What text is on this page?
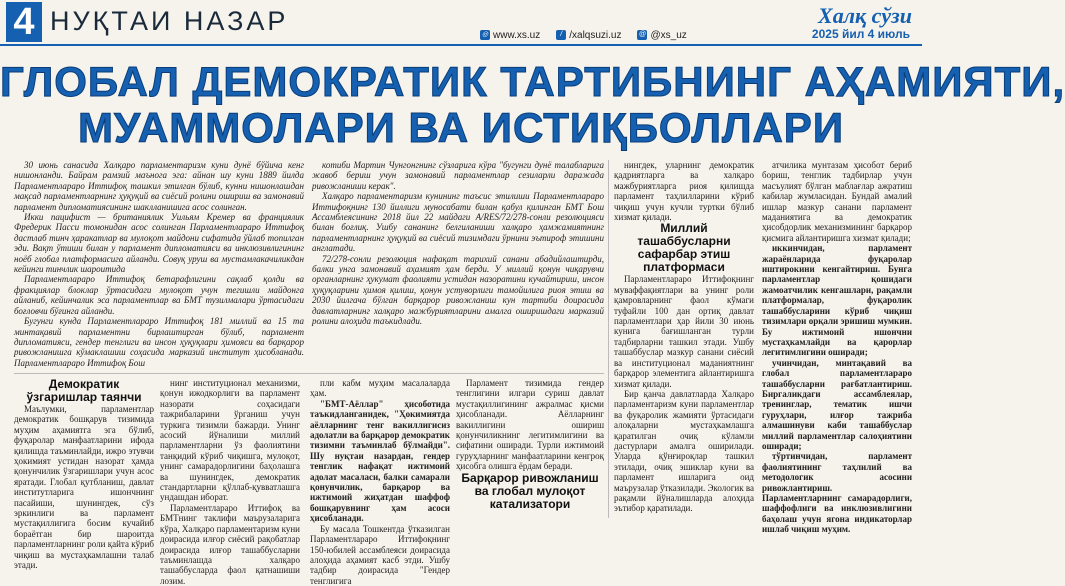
4 НУҚТАИ НАЗАР	◎ www.xs.uz	/ /xalqsuzi.uz @ @xs_uz
Халқ сўзи
2025 йил 4 июль
ГЛОБАЛ ДЕМОКРАТИК ТАРТИБНИНГ АҲАМИЯТИ,
МУАММОЛАРИ ВА ИСТИҚБОЛЛАРИ

30 июнь санасида Халқаро парламентаризм куни дунё бўйича кенг нишонланди. Байрам рамзий маънога эга: айнан шу куни 1889 йилда Парламентлараро Иттифоқ ташкил этилган бўлиб, кунни нишонлашдан мақсад парламентларнинг ҳуқуқий ва сиёсий ролини ошириш ва замонавий парламент дипломатиясининг шаклланишига асос солинган.

Икки пацифист — британиялик Уильям Кремер ва франциялик Фредерик Пасси томонидан асос солинган Парламентлараро Иттифоқ дастлаб тинч ҳаракатлар ва мулоқот майдони сифатида ўйлаб топилган эди. Вақт ўтиши билан у парламент дипломатияси ва инклюзивлигининг ноёб глобал платформасига айланди. Совуқ уруш ва мустамлакачиликдан кейинги тинчлик шароитида

Парламентлараро Иттифоқ бетарафлигини сақлаб қолди ва фракциялар блоклар ўртасидаги мулоқот учун тегишли майдонга айланиб, кейинчалик эса парламентлар ва БМТ тузилмалари ўртасидаги боғловчи бўғинга айланди.

Бугунги кунда Парламентлараро Иттифоқ 181 миллий ва 15 та минтақавий парламентни бирлаштирган бўлиб, парламент дипломатияси, гендер тенглиги ва инсон ҳуқуқлари ҳимояси ва барқарор ривожланишга кўмаклашиш соҳасида марказий институт ҳисобланади. Парламентлараро Иттифоқ Бош

котиби Мартин Чунгонгнинг сўзларига кўра "бугунги дунё талабларига жавоб бериш учун замонавий парламентлар сезиларли даражада ривожланиши керак".

Халқаро парламентаризм кунининг таъсис этилиши Парламентлараро Иттифоқнинг 130 йиллиги муносабати билан қабул қилинган БМТ Бош Ассамблеясининг 2018 йил 22 майдаги A/RES/72/278-сонли резолюцияси билан боғлиқ. Ушбу сананинг белгиланиши халқаро ҳамжамиятнинг парламентларнинг ҳуқуқий ва сиёсий тизимдаги ўрнини эътироф этишини англатади.

72/278-сонли резолюция нафақат тарихий санани абадийлаштирди, балки унга замонавий аҳамият ҳам берди. У миллий қонун чиқарувчи органларнинг ҳукумат фаолияти устидан назоратини кучайтириш, инсон ҳуқуқларини ҳимоя қилиш, қонун устуворлиги тамойилига риоя этиш ва 2030 йилгача бўлган барқарор ривожланиш кун тартиби доирасида давлатларнинг халқаро мажбуриятларини амалга оширишдаги марказий ролини алоҳида таъкидлади.

Демократик ўзгаришлар таянчи

Маълумки, парламентлар демократик бошқарув тизимида муҳим аҳамиятга эга бўлиб, фуқаролар манфаатларини ифода қилишда таъминлайди, ижро этувчи ҳокимият устидан назорат ҳамда қонунчилик ўзгаришлари учун асос яратади. Глобал қутбланиш, давлат институтларига ишончнинг пасайиши, шунингдек, сўз эркинлиги ва парламент мустақиллигига босим кучайиб бораётган бир шароитда парламентларнинг роли қайта кўриб чиқиш ва мустаҳкамлашни талаб этади.

нинг институционал механизми, қонун ижодкорлиги ва парламент назорати соҳасидаги тажрибаларини ўрганиш учун туркига тизимли бажарди. Унинг асосий йўналиши миллий парламентларни ўз фаолиятини танқидий кўриб чиқишга, мулоқот, унинг самарадорлигини баҳолашга ва шунингдек, демократик стандартларни қўллаб-қувватлашга ундашдан иборат.

Парламентлараро Иттифоқ ва БМТнинг таклифи маърузаларига кўра, Халқаро парламентаризм куни доирасида илғор сиёсий рақобатлар доирасида илғор ташаббусларни таъминлашда халқаро ташаббусларда фаол қатнашиши лозим.

пли кабм муҳим масалаларда ҳам.

"БМТ-Аёллар" ҳисоботида таъкидланганидек, "Ҳокимиятда аёлларнинг тенг вакиллигисиз адолатли ва барқарор демократик тизимни таъминлаб бўлмайди". Шу нуқтаи назардан, гендер тенглик нафақат ижтимоий адолат масаласи, балки самарали қонунчилик, барқарор ва ижтимоий жиҳатдан шаффоф бошқарувнинг ҳам асоси ҳисобланади.

Бу масала Тошкентда ўтказилган Парламентлараро Иттифоқнинг 150-юбилей ассамблеяси доирасида алоҳида аҳамият касб этди. Ушбу тадбир доирасида "Гендер тенглигига

Парламент тизимида гендер тенглигини илгари суриш давлат мустақиллигининг ажралмас қисми ҳисобланади. Аёлларнинг вакиллигини ошириш қонунчиликнинг легитимлигини ва сифатини оширади. Турли ижтимоий гуруҳларнинг манфаатларини кенгроқ ҳисобга олишга ёрдам беради.

Барқарор ривожланиш ва глобал мулоқот катализатори

нингдек, уларнинг демократик қадриятларга ва халқаро мажбуриятларга риоя қилишда парламент таҳлилларини кўриб чиқиш учун кучли туртки бўлиб хизмат қилади.

Миллий ташаббусларни сафарбар этиш платформаси

Парламентлараро Иттифоқнинг муваффақиятлари ва унинг роли қамровларнинг фаол кўмаги туфайли 100 дан ортиқ давлат парламентлари ҳар йили 30 июнь кунига бағишланган турли тадбирларни ташкил этади. Ушбу ташаббуслар мазкур санани сиёсий ва институционал маданиятнинг барқарор элементига айлантиришга хизмат қилади.

Бир қанча давлатларда Халқаро парламентаризм куни парламентлар ва фуқаролик жамияти ўртасидаги алоқаларни мустаҳкамлашга қаратилган очиқ кўламли дастурлари амалга оширилади. Уларда қўнғироқлар ташкил этилади, очиқ эшиклар куни ва парламент ишларига оид маърузалар ўтказилади. Экологик ва рақамли йўналишларда алоҳида эътибор қаратилади.

атчилика мунтазам ҳисобот бериб бориш, тенглик тадбирлар учун масъулият бўлган маблағлар ажратиш кабилар жумласидан. Бундай амалий ишлар мазкур санани парламент маданиятига ва демократик ҳисобдорлик механизмининг барқарор қисмига айлантиришга хизмат қилади;

иккинчидан, парламент жараёнларида фуқаролар иштирокини кенгайтириш. Бунга парламентлар қошидаги жамоатчилик кенгашлари, рақамли платформалар, фуқаролик ташаббусларини кўриб чиқиш тизимлари орқали эришиш мумкин. Бу ижтимоий ишончни мустаҳкамлайди ва қарорлар легитимлигини оширади;

учинчидан, минтақавий ва глобал парламентлараро ташаббусларни рағбатлантириш. Биргаликдаги ассамблеялар, тренинглар, тематик ишчи гуруҳлари, илғор тажриба алмашинуви каби ташаббуслар миллий парламентлар салоҳиятини оширади;

тўртинчидан, парламент фаолиятининг таҳлилий ва методологик асосини ривожлантириш. Парламентларнинг самарадорлиги, шаффофлиги ва инклюзивлигини баҳолаш учун ягона индикаторлар ишлаб чиқиш муҳим.
